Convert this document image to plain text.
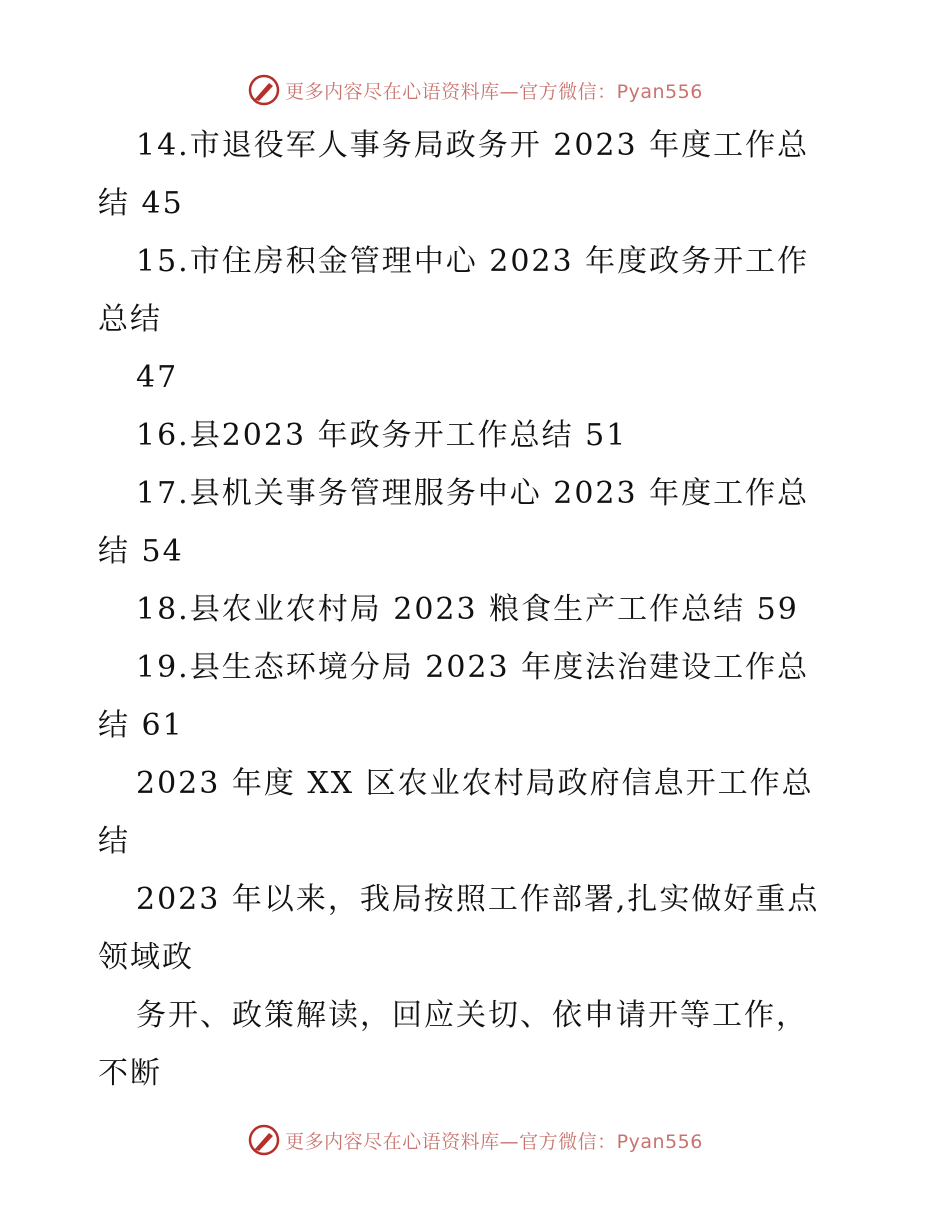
更多内容尽在心语资料库—官方微信：Pyan556
14.市退役军人事务局政务开 2023 年度工作总
结 45
15.市住房积金管理中心 2023 年度政务开工作
总结
47
16.县2023 年政务开工作总结 51
17.县机关事务管理服务中心 2023 年度工作总
结 54
18.县农业农村局 2023 粮食生产工作总结 59
19.县生态环境分局 2023 年度法治建设工作总
结 61
2023 年度 XX 区农业农村局政府信息开工作总
结
2023 年以来，我局按照工作部署,扎实做好重点
领域政
务开、政策解读，回应关切、依申请开等工作，
不断
更多内容尽在心语资料库—官方微信：Pyan556
